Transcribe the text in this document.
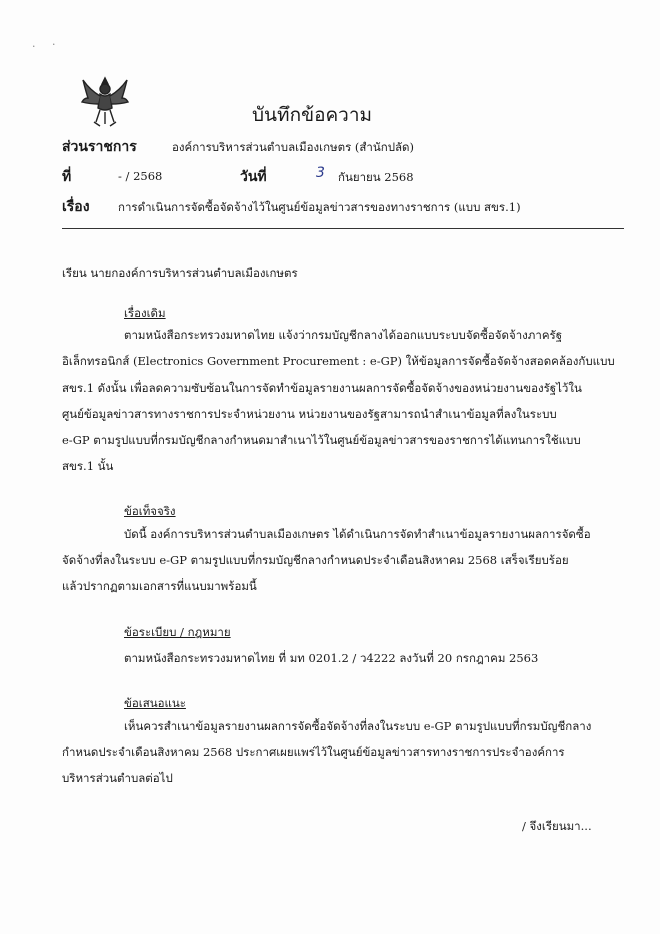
· ·
บันทึกข้อความ
ส่วนราชการ	องค์การบริหารส่วนตำบลเมืองเกษตร (สำนักปลัด)
ที่	- / 2568	วันที่	3 กันยายน 2568
เรื่อง การดำเนินการจัดซื้อจัดจ้างไว้ในศูนย์ข้อมูลข่าวสารของทางราชการ (แบบ สขร.1)
เรียน นายกองค์การบริหารส่วนตำบลเมืองเกษตร
เรื่องเดิม
ตามหนังสือกระทรวงมหาดไทย แจ้งว่ากรมบัญชีกลางได้ออกแบบระบบจัดซื้อจัดจ้างภาครัฐ
อิเล็กทรอนิกส์ (Electronics Government Procurement : e-GP) ให้ข้อมูลการจัดซื้อจัดจ้างสอดคล้องกับแบบ
สขร.1 ดังนั้น เพื่อลดความซับซ้อนในการจัดทำข้อมูลรายงานผลการจัดซื้อจัดจ้างของหน่วยงานของรัฐไว้ใน
ศูนย์ข้อมูลข่าวสารทางราชการประจำหน่วยงาน หน่วยงานของรัฐสามารถนำสำเนาข้อมูลที่ลงในระบบ
e-GP ตามรูปแบบที่กรมบัญชีกลางกำหนดมาสำเนาไว้ในศูนย์ข้อมูลข่าวสารของราชการได้แทนการใช้แบบ
สขร.1 นั้น
ข้อเท็จจริง
บัดนี้ องค์การบริหารส่วนตำบลเมืองเกษตร ได้ดำเนินการจัดทำสำเนาข้อมูลรายงานผลการจัดซื้อ
จัดจ้างที่ลงในระบบ e-GP ตามรูปแบบที่กรมบัญชีกลางกำหนดประจำเดือนสิงหาคม 2568 เสร็จเรียบร้อย
แล้วปรากฏตามเอกสารที่แนบมาพร้อมนี้
ข้อระเบียบ / กฎหมาย
ตามหนังสือกระทรวงมหาดไทย ที่ มท 0201.2 / ว4222 ลงวันที่ 20 กรกฎาคม 2563
ข้อเสนอแนะ
เห็นควรสำเนาข้อมูลรายงานผลการจัดซื้อจัดจ้างที่ลงในระบบ e-GP ตามรูปแบบที่กรมบัญชีกลาง
กำหนดประจำเดือนสิงหาคม 2568 ประกาศเผยแพร่ไว้ในศูนย์ข้อมูลข่าวสารทางราชการประจำองค์การ
บริหารส่วนตำบลต่อไป
/ จึงเรียนมา...
